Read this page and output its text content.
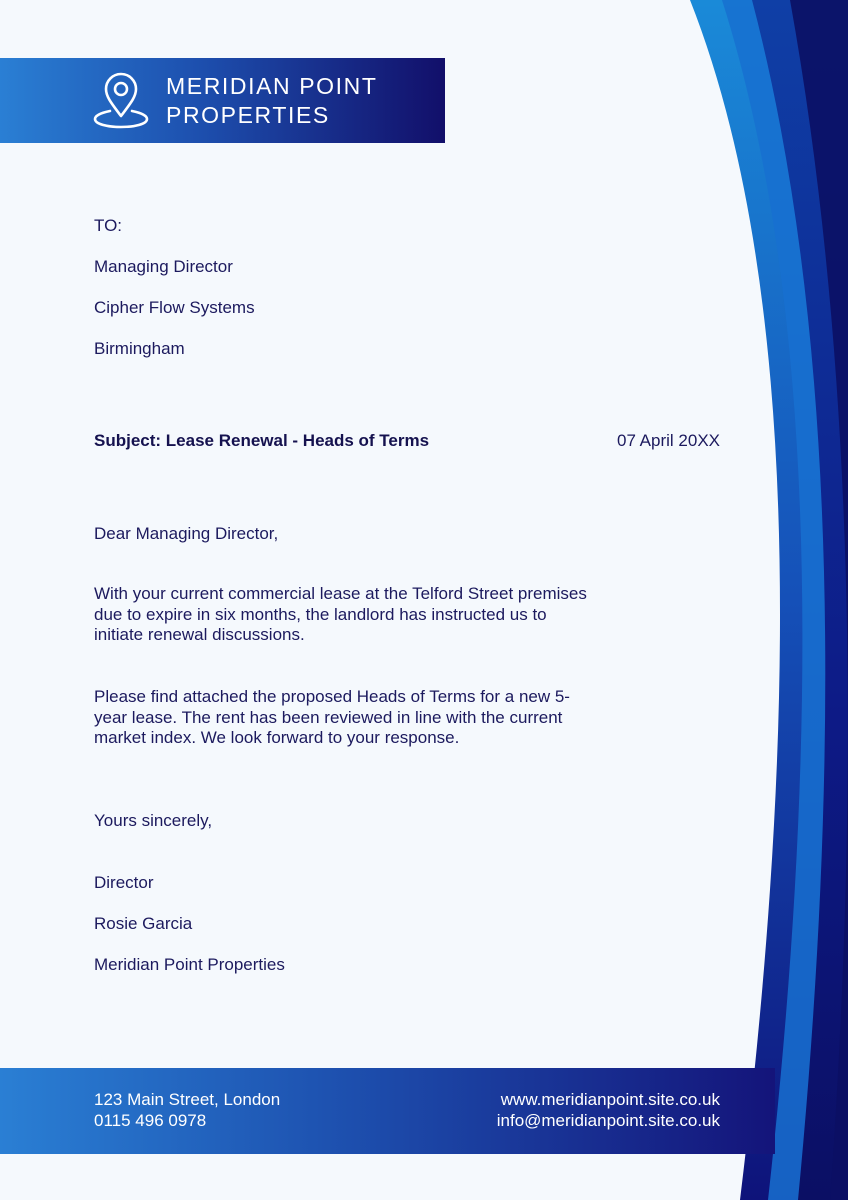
MERIDIAN POINT
PROPERTIES
TO:
Managing Director
Cipher Flow Systems
Birmingham
Subject: Lease Renewal - Heads of Terms	07 April 20XX
Dear Managing Director,
With your current commercial lease at the Telford Street premises due to expire in six months, the landlord has instructed us to initiate renewal discussions.
Please find attached the proposed Heads of Terms for a new 5-year lease. The rent has been reviewed in line with the current market index. We look forward to your response.
Yours sincerely,
Director
Rosie Garcia
Meridian Point Properties
123 Main Street, London
0115 496 0978
www.meridianpoint.site.co.uk
info@meridianpoint.site.co.uk
